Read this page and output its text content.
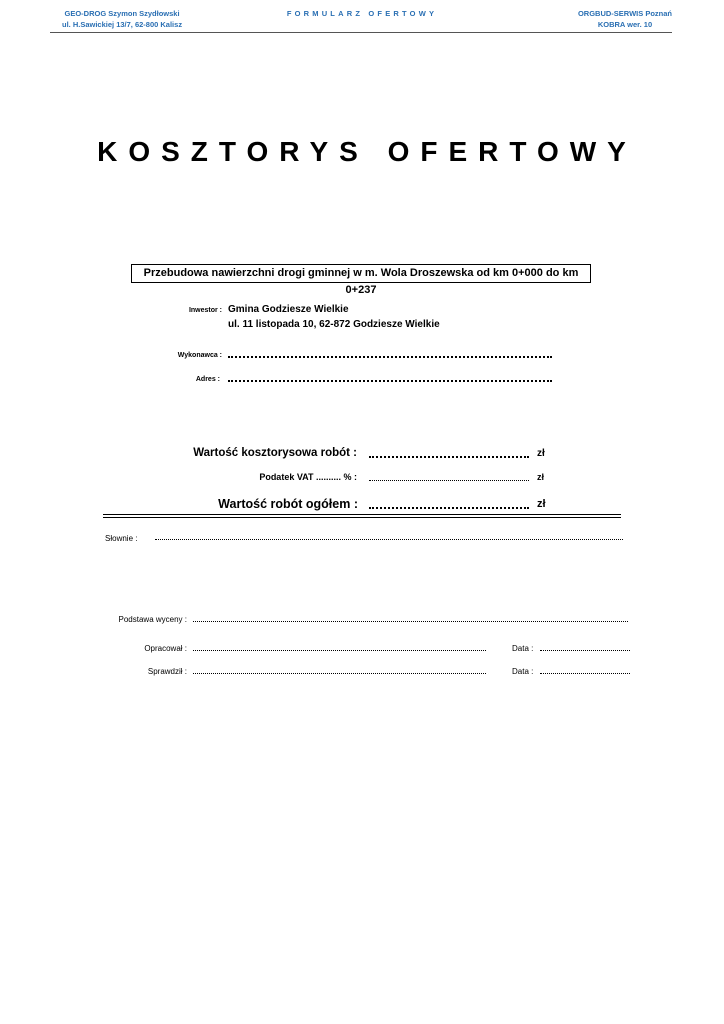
GEO-DROG Szymon Szydłowski
ul. H.Sawickiej 13/7, 62-800 Kalisz
FORMULARZ OFERTOWY	ORGBUD-SERWIS Poznań
KOBRA wer. 10
KOSZTORYS OFERTOWY
Przebudowa nawierzchni drogi gminnej w m. Wola Droszewska od km 0+000 do km 0+237
Inwestor : Gmina Godziesze Wielkie
ul. 11 listopada 10, 62-872 Godziesze Wielkie
Wykonawca :
Adres :
Wartość kosztorysowa robót :	zł
Podatek VAT .......... % :	zł
Wartość robót ogółem :	zł
Słownie :
Podstawa wyceny :
Opracował :	Data :
Sprawdził :	Data :
